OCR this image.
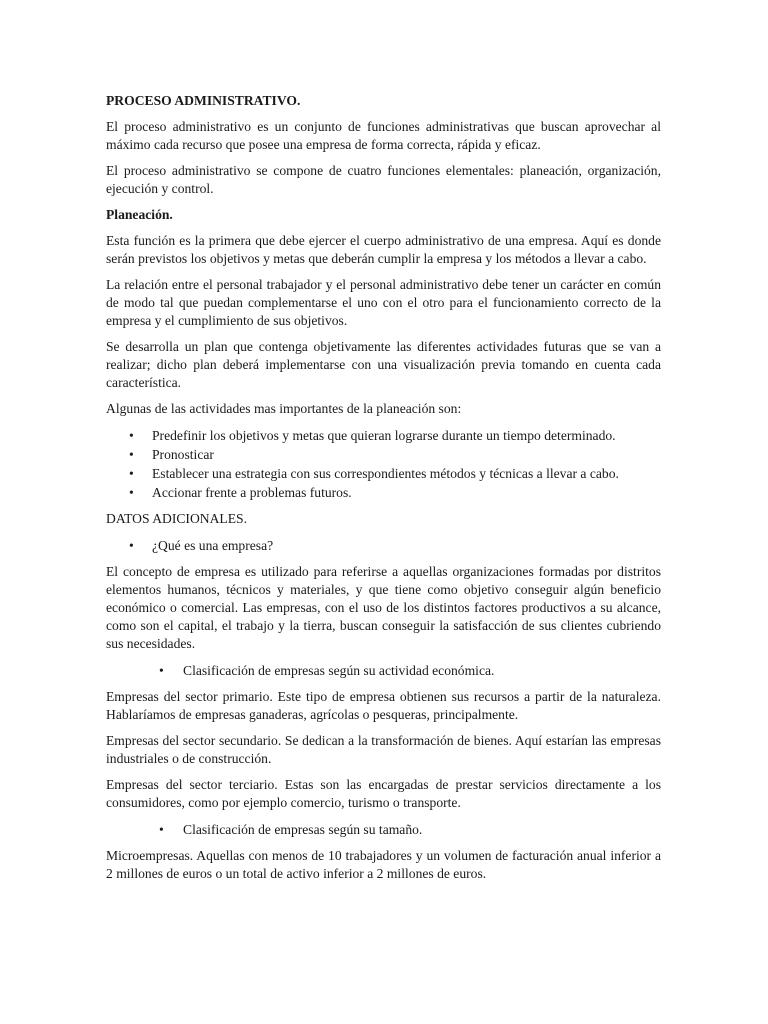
PROCESO ADMINISTRATIVO.

El proceso administrativo es un conjunto de funciones administrativas que buscan aprovechar al máximo cada recurso que posee una empresa de forma correcta, rápida y eficaz.

El proceso administrativo se compone de cuatro funciones elementales: planeación, organización, ejecución y control.

Planeación.

Esta función es la primera que debe ejercer el cuerpo administrativo de una empresa. Aquí es donde serán previstos los objetivos y metas que deberán cumplir la empresa y los métodos a llevar a cabo.

La relación entre el personal trabajador y el personal administrativo debe tener un carácter en común de modo tal que puedan complementarse el uno con el otro para el funcionamiento correcto de la empresa y el cumplimiento de sus objetivos.

Se desarrolla un plan que contenga objetivamente las diferentes actividades futuras que se van a realizar; dicho plan deberá implementarse con una visualización previa tomando en cuenta cada característica.

Algunas de las actividades mas importantes de la planeación son:

• Predefinir los objetivos y metas que quieran lograrse durante un tiempo determinado.
• Pronosticar
• Establecer una estrategia con sus correspondientes métodos y técnicas a llevar a cabo.
• Accionar frente a problemas futuros.

DATOS ADICIONALES.

• ¿Qué es una empresa?

El concepto de empresa es utilizado para referirse a aquellas organizaciones formadas por distritos elementos humanos, técnicos y materiales, y que tiene como objetivo conseguir algún beneficio económico o comercial. Las empresas, con el uso de los distintos factores productivos a su alcance, como son el capital, el trabajo y la tierra, buscan conseguir la satisfacción de sus clientes cubriendo sus necesidades.

• Clasificación de empresas según su actividad económica.

Empresas del sector primario. Este tipo de empresa obtienen sus recursos a partir de la naturaleza. Hablaríamos de empresas ganaderas, agrícolas o pesqueras, principalmente.

Empresas del sector secundario. Se dedican a la transformación de bienes. Aquí estarían las empresas industriales o de construcción.

Empresas del sector terciario. Estas son las encargadas de prestar servicios directamente a los consumidores, como por ejemplo comercio, turismo o transporte.

• Clasificación de empresas según su tamaño.

Microempresas. Aquellas con menos de 10 trabajadores y un volumen de facturación anual inferior a 2 millones de euros o un total de activo inferior a 2 millones de euros.
